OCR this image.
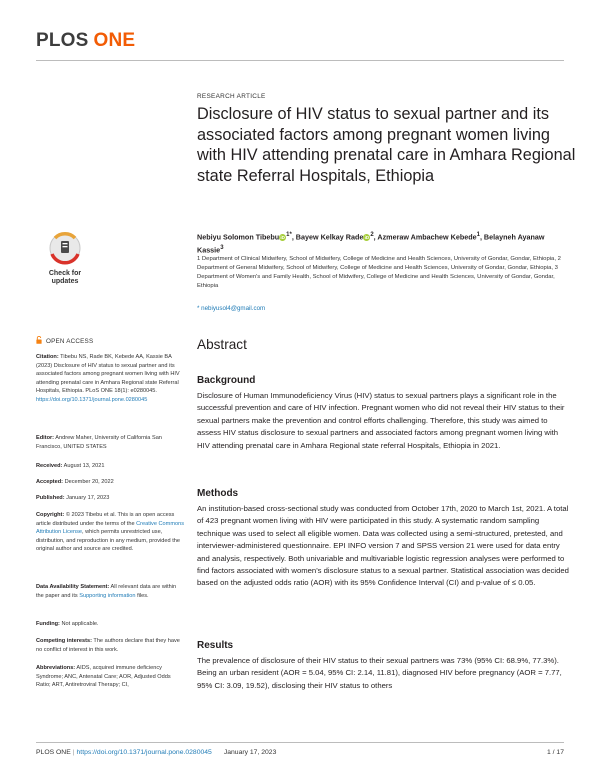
PLOS ONE
Check for updates
RESEARCH ARTICLE
Disclosure of HIV status to sexual partner and its associated factors among pregnant women living with HIV attending prenatal care in Amhara Regional state Referral Hospitals, Ethiopia
Nebiyu Solomon TibebuiD$^{1*}$, Bayew Kelkay RadeiD$^2$, Azmeraw Ambachew Kebede$^1$, Belayneh Ayanaw Kassie$^3$
1 Department of Clinical Midwifery, School of Midwifery, College of Medicine and Health Sciences, University of Gondar, Gondar, Ethiopia, 2 Department of General Midwifery, School of Midwifery, College of Medicine and Health Sciences, University of Gondar, Gondar, Ethiopia, 3 Department of Women's and Family Health, School of Midwifery, College of Medicine and Health Sciences, University of Gondar, Gondar, Ethiopia
* nebiyusol4@gmail.com
Abstract
Background
Disclosure of Human Immunodeficiency Virus (HIV) status to sexual partners plays a significant role in the successful prevention and care of HIV infection. Pregnant women who did not reveal their HIV status to their sexual partners make the prevention and control efforts challenging. Therefore, this study was aimed to assess HIV status disclosure to sexual partners and associated factors among pregnant women living with HIV attending prenatal care in Amhara Regional state referral Hospitals, Ethiopia in 2021.
Methods
An institution-based cross-sectional study was conducted from October 17th, 2020 to March 1st, 2021. A total of 423 pregnant women living with HIV were participated in this study. A systematic random sampling technique was used to select all eligible women. Data was collected using a semi-structured, pretested, and interviewer-administered questionnaire. EPI INFO version 7 and SPSS version 21 were used for data entry and analysis, respectively. Both univariable and multivariable logistic regression analyses were performed to find factors associated with women's disclosure status to a sexual partner. Statistical association was decided based on the adjusted odds ratio (AOR) with its 95% Confidence Interval (CI) and p-value of ≤ 0.05.
Results
The prevalence of disclosure of their HIV status to their sexual partners was 73% (95% CI: 68.9%, 77.3%). Being an urban resident (AOR = 5.04, 95% CI: 2.14, 11.81), diagnosed HIV before pregnancy (AOR = 7.77, 95% CI: 3.09, 19.52), disclosing their HIV status to others
OPEN ACCESS
Citation: Tibebu NS, Rade BK, Kebede AA, Kassie BA (2023) Disclosure of HIV status to sexual partner and its associated factors among pregnant women living with HIV attending prenatal care in Amhara Regional state Referral Hospitals, Ethiopia. PLoS ONE 18(1): e0280045. https://doi.org/10.1371/journal.pone.0280045
Editor: Andrew Maher, University of California San Francisco, UNITED STATES
Received: August 13, 2021
Accepted: December 20, 2022
Published: January 17, 2023
Copyright: © 2023 Tibebu et al. This is an open access article distributed under the terms of the Creative Commons Attribution License, which permits unrestricted use, distribution, and reproduction in any medium, provided the original author and source are credited.
Data Availability Statement: All relevant data are within the paper and its Supporting information files.
Funding: Not applicable.
Competing interests: The authors declare that they have no conflict of interest in this work.
Abbreviations: AIDS, acquired immune deficiency Syndrome; ANC, Antenatal Care; AOR, Adjusted Odds Ratio; ART, Antiretroviral Therapy; CI,
PLOS ONE | https://doi.org/10.1371/journal.pone.0280045 January 17, 2023	1 / 17
